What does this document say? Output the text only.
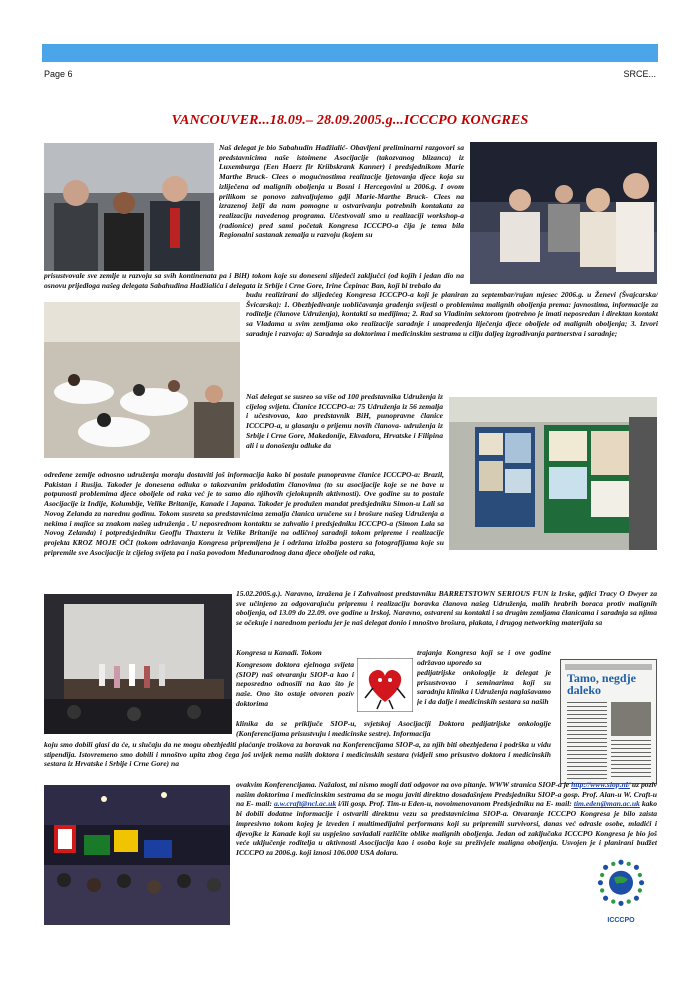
Page 6	SRCE...
VANCOUVER...18.09.– 28.09.2005.g...ICCCPO KONGRES
Naš delegat je bio Sabahudin Hadžialić- Obavljeni preliminarni razgovori sa predstavnicima naše istoimene Asocijacije (takozvanog blizanca) iz Luxemburga (Een Haerz fir Kriibskrank Kanner) i predsjednikom Marie Marthe Bruck- Clees o mogućnostima realizacije ljetovanja djece koja su izliječena od malignih oboljenja u Bosni i Hercegovini u 2006.g. I ovom prilikom se ponovo zahvaljujemo gdji Marie-Marthe Bruck- Clees na izrazenoj želji da nam pomogne u ostvarivanju potrebnih kontakata za realizaciju navedenog programa. Učestvovali smo u realizaciji workshop-a (radionice) pred sami početak Kongresa ICCCPO-a čija je tema bila Regionalni sastanak zemalja u razvoju (kojem su
prisustvovale sve zemlje u razvoju sa svih kontinenata pa i BiH) tokom koje su doneseni slijedeći zaključci (od kojih i jedan dio na osnovu prijedloga našeg delegata Sabahudina Hadžialića i delegata iz Srbije i Crne Gore, Irine Čepinac Ban, koji bi trebalo da
budu realizirani do slijedećeg Kongresa ICCCPO-a koji je planiran za septembar/rujan mjesec 2006.g. u Ženevi (Švajcarska/Švicarska): 1. Obezbjeđivanje uobličavanja građenja svijesti o problemima malignih oboljenja prema: javnostima, informacije za roditelje (članove Udruženja), kontakti sa medijima; 2. Rad sa Vladinim sektorom (potrebno je imati neposredan i direktan kontakt sa Vladama u svim zemljama oko realizacije saradnje i unapređenja liječenja djece oboljele od malignih oboljenja; 3. Izvori saradnje i razvoja: a) Saradnja sa doktorima i medicinskim sestrama u cilju daljeg izgrađivanja partnerstva i saradnje;
Naš delegat se susreo sa više od 100 predstavnika Udruženja iz cijelog svijeta. Članice ICCCPO-a: 75 Udruženja iz 56 zemalja i učestvovao, kao predstavnik BiH, punopravne članice ICCCPO-a, u glasanju o prijemu novih članova- udruženja iz Srbije i Crne Gore, Makedonije, Ekvadora, Hrvatske i Filipina ali i u donošenju odluke da
određene zemlje odnosno udruženja moraju dostaviti još informacija kako bi postale punopravne članice ICCCPO-a: Brazil, Pakistan i Rusija. Također je donesena odluka o takozvanim pridodatim članovima (to su asocijacije koje se ne bave u potpunosti problemima djece oboljele od raka već je to samo dio njihovih cjelokupnih aktivnosti). Ove godine su to postale Asocijacije iz Indije, Kolumbije, Velike Britanije, Kanade i Japana. Također je produžen mandat predsjedniku Simon-u Lali sa Novog Zelanda za narednu godinu. Tokom susreta sa predstavnicima zemalja članica uručene su i brošure našeg Udruženja a nekima i majice sa znakom našeg udruženja . U neposrednom kontaktu se zahvalio i predsjedniku ICCCPO-a (Simon Lala sa Novog Zelanda) i potpredsjedniku Geoffu Thaxteru iz Velike Britanije na odličnoj saradnji tokom pripreme i realizacije projekta KROZ MOJE OČI (tokom održavanja Kongresa pripremljena je i održana izložba postera sa fotografijama koje su pripremile sve Asocijacije iz cijelog svijeta pa i naša povodom Međunarodnog dana djece oboljele od raka,
15.02.2005.g.). Naravno, izražena je i Zahvalnost predstavniku BARRETSTOWN SERIOUS FUN iz Irske, gdjici Tracy O Dwyer za sve učinjeno za odgovarajuću pripremu i realizaciju boravka članova našeg Udruženja, malih hrabrih boraca protiv malignih oboljenja, od 13.09 do 22.09. ove godine u Irskoj. Naravno, ostvareni su kontakti i sa drugim zemljama članicama i saradnja sa njima se očekuje i narednom periodu jer je naš delegat donio i mnoštvo brošura, plakata, i drugog networking materijala sa
Kongresa u Kanadi. Tokom	trajanja Kongresa koji se i ove godine održavao uporedo sa
Kongresom doktora ejelnoga svijeta (SIOP) naš otvaranju SIOP-a kao i neposredno odnosili na kao što je naše. Ono što ostaje otvoren pozív doktorima
pedijatrijske onkologije iz delegat je prisustvovao i seminarima koji su saradnju klinika i Udruženja naglašavamo je i da dalje i medicinskih sestara sa naših
klinika da se priključe SIOP-u, svjetskoj Asocijaciji Doktora pedijatrijske onkologije (Konferencijama prisustvuju i medicinske sestre). Informacija
Tamo, negdje daleko
koju smo dobili glasi da će, u slučaju da ne mogu obezbjediti plaćanje troškova za boravak na Konferencijama SIOP-a, za njih biti obezbjeđena i podrška u vidu stipendija. Istovremeno smo dobili i mnoštvo upita zbog čega još uvijek nema naših doktora i medicinskih sestara (vidjeli smo prisustvo doktora i medicinskih sestara iz Hrvatske i Srbije i Crne Gore) na
ovakvim Konferencijama. Nažalost, mi nismo mogli dati odgovor na ovo pitanje. WWW stranica SIOP-a je http://www.siop.nl/ uz poziv našim doktorima i medicinskim sestrama da se mogu javiti direktno dosadašnjem Predsjedniku SIOP-a gosp. Prof. Alan-u W. Craft-u na E- mail: a.w.craft@ncl.ac.uk i/ili gosp. Prof. Tim-u Eden-u, novoimenovanom Predsjedniku na E- mail: tim.eden@man.ac.uk kako bi dobili dodatne informacije i ostvarili direktnu vezu sa predstavnicima SIOP-a. Otvaranje ICCCPO Kongresa je bilo zaista impresivno tokom kojeg je izveden i multimedijalni performans koji su pripremili survivorsi, danas već odrasle osobe, mladići i djevojke iz Kanade koji su uspješno savladali različite oblike malignih oboljenja. Jedan od zaključaka ICCCPO Kongresa je bio još veće uključenje roditelja u aktivnosti Asocijacija kao i osoba koje su preživjele maligna oboljenja. Usvojen je i planirani budžet ICCCPO za 2006.g. koji iznosi 106.000 USA dolara.
ICCCPO
